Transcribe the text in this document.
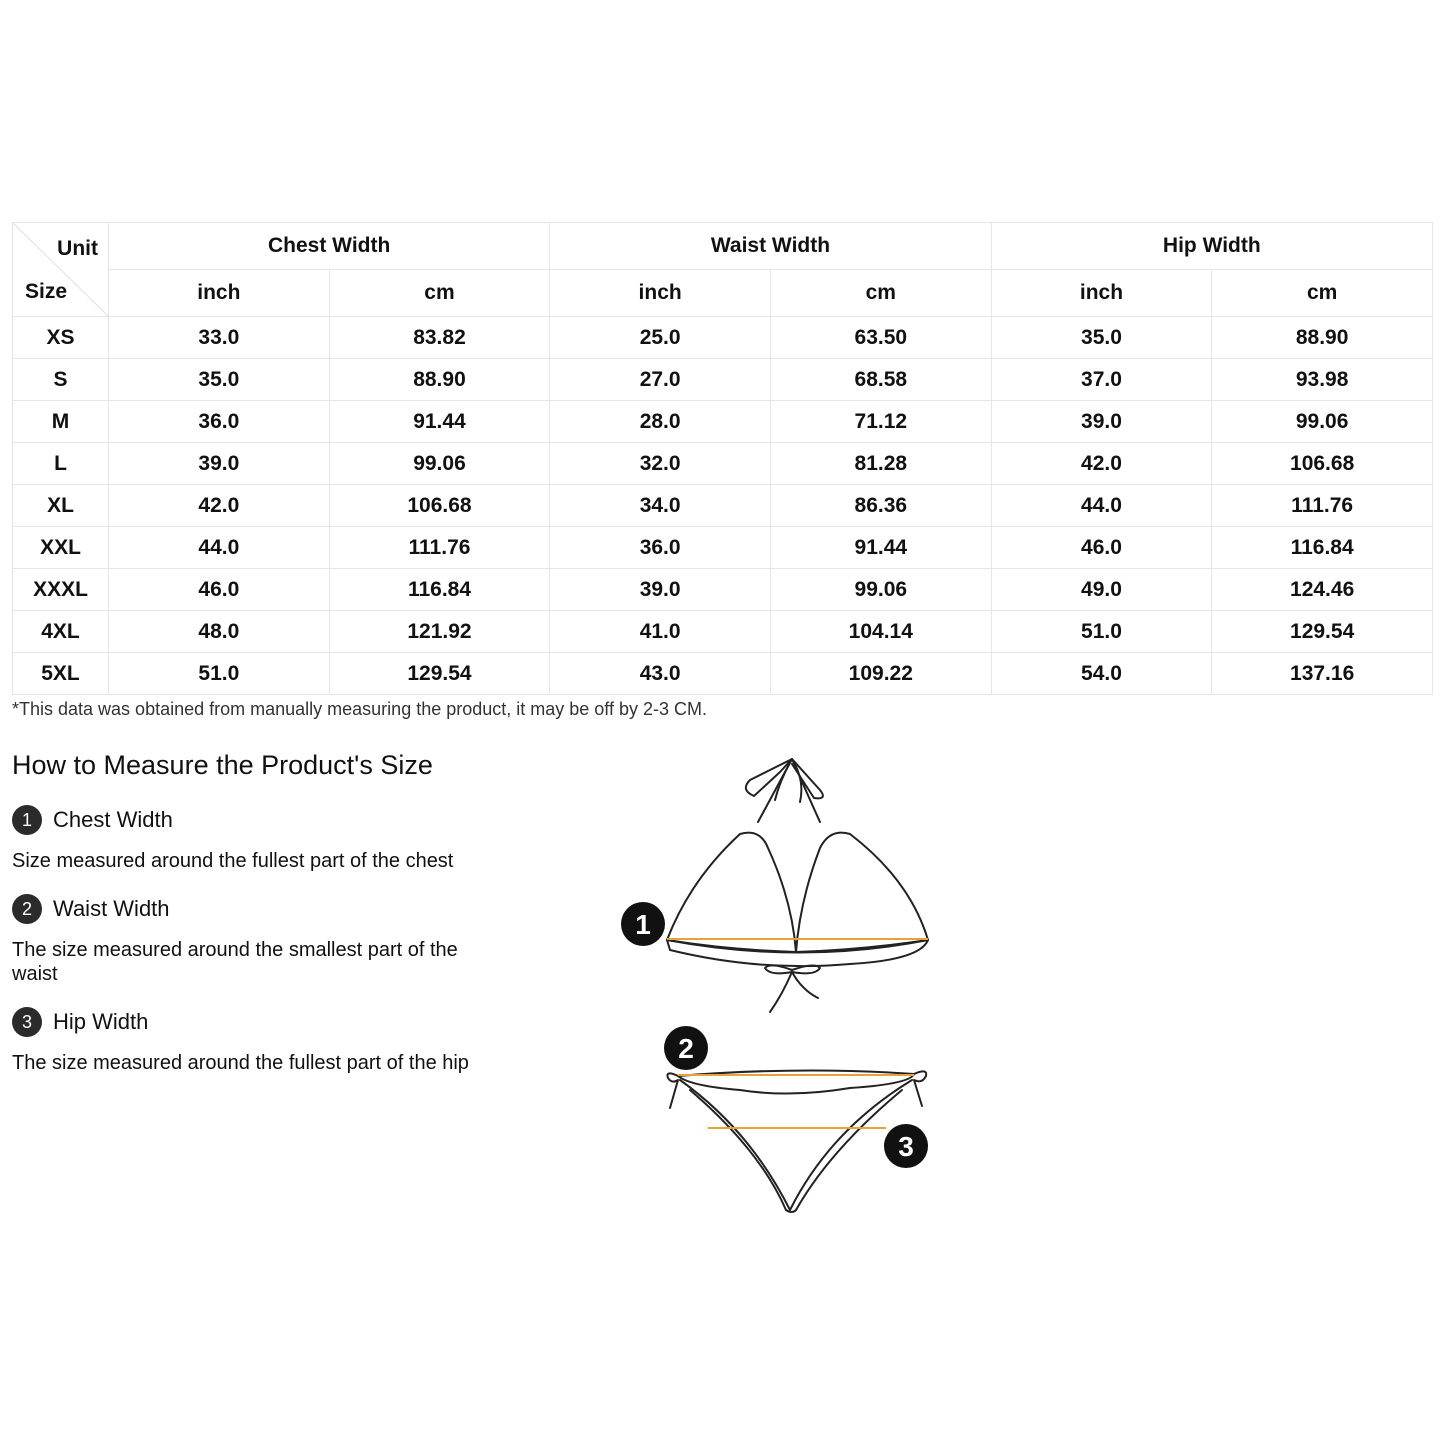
Unit
Size	Chest Width		Waist Width		Hip Width	
	inch	cm	inch	cm	inch	cm
XS	33.0	83.82	25.0	63.50	35.0	88.90
S	35.0	88.90	27.0	68.58	37.0	93.98
M	36.0	91.44	28.0	71.12	39.0	99.06
L	39.0	99.06	32.0	81.28	42.0	106.68
XL	42.0	106.68	34.0	86.36	44.0	111.76
XXL	44.0	111.76	36.0	91.44	46.0	116.84
XXXL	46.0	116.84	39.0	99.06	49.0	124.46
4XL	48.0	121.92	41.0	104.14	51.0	129.54
5XL	51.0	129.54	43.0	109.22	54.0	137.16
*This data was obtained from manually measuring the product, it may be off by 2-3 CM.
How to Measure the Product's Size
1 Chest Width
Size measured around the fullest part of the chest
2 Waist Width
The size measured around the smallest part of the waist
3 Hip Width
The size measured around the fullest part of the hip
1
2
3
